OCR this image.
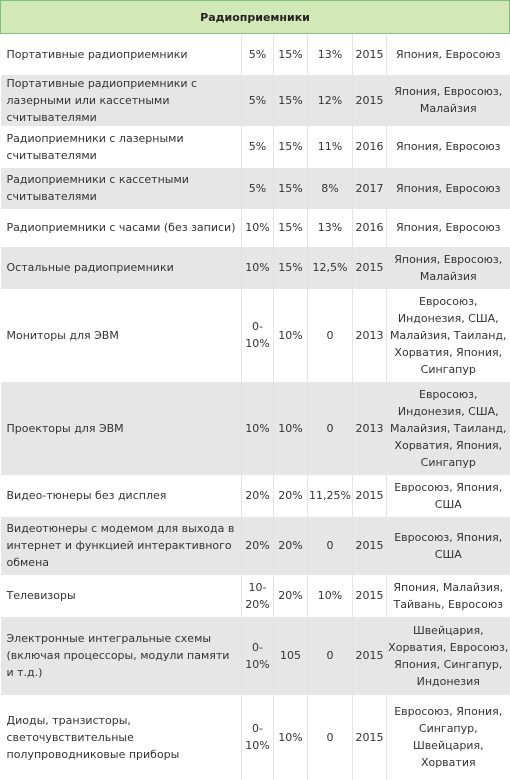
Радиоприемники					
Портативные радиоприемники	5%	15%	13%	2015	Япония, Евросоюз
Портативные радиоприемники с лазерными или кассетными считывателями	5%	15%	12%	2015	Япония, Евросоюз, Малайзия
Радиоприемники с лазерными считывателями	5%	15%	11%	2016	Япония, Евросоюз
Радиоприемники с кассетными считывателями	5%	15%	8%	2017	Япония, Евросоюз
Радиоприемники с часами (без записи)	10%	15%	13%	2016	Япония, Евросоюз
Остальные радиоприемники	10%	15%	12,5%	2015	Япония, Евросоюз, Малайзия
Мониторы для ЭВМ	0-10%	10%	0	2013	Евросоюз, Индонезия, США, Малайзия, Таиланд, Хорватия, Япония, Сингапур
Проекторы для ЭВМ	10%	10%	0	2013	Евросоюз, Индонезия, США, Малайзия, Таиланд, Хорватия, Япония, Сингапур
Видео-тюнеры без дисплея	20%	20%	11,25%	2015	Евросоюз, Япония, США
Видеотюнеры с модемом для выхода в интернет и функцией интерактивного обмена	20%	20%	0	2015	Евросоюз, Япония, США
Телевизоры	10-20%	20%	10%	2015	Япония, Малайзия, Тайвань, Евросоюз
Электронные интегральные схемы (включая процессоры, модули памяти и т.д.)	0-10%	105	0	2015	Швейцария, Хорватия, Евросоюз, Япония, Сингапур, Индонезия
Диоды, транзисторы, светочувствительные полупроводниковые приборы	0-10%	10%	0	2015	Евросоюз, Япония, Сингапур, Швейцария, Хорватия
